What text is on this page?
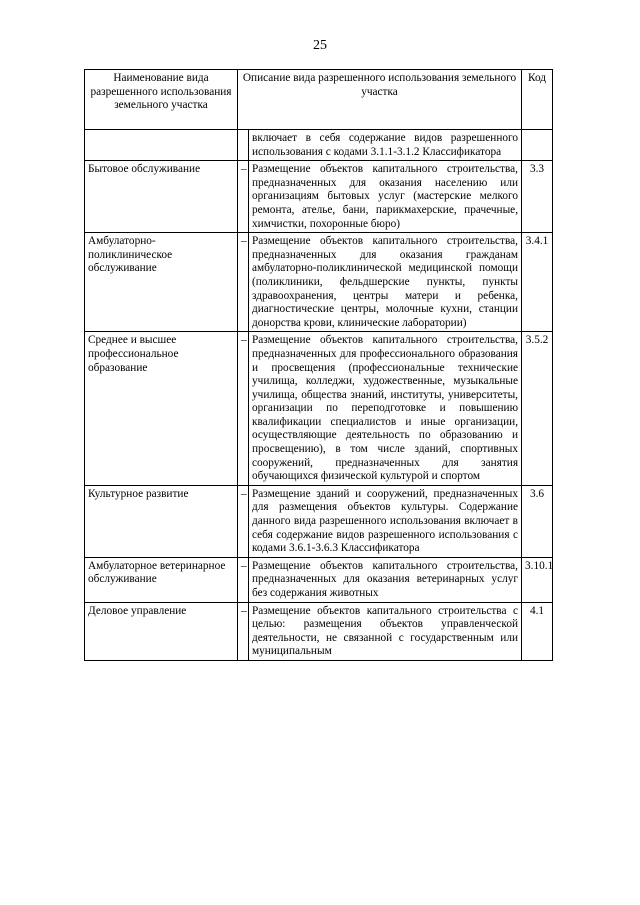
25
Наименование вида разрешенного использования земельного участка	Описание вида разрешенного использования земельного участка		Код
		включает в себя содержание видов разрешенного использования с кодами 3.1.1-3.1.2 Классификатора	
Бытовое обслуживание	–	Размещение объектов капитального строительства, предназначенных для оказания населению или организациям бытовых услуг (мастерские мелкого ремонта, ателье, бани, парикмахерские, прачечные, химчистки, похоронные бюро)	3.3
Амбулаторно-поликлиническое обслуживание	–	Размещение объектов капитального строительства, предназначенных для оказания гражданам амбулаторно-поликлинической медицинской помощи (поликлиники, фельдшерские пункты, пункты здравоохранения, центры матери и ребенка, диагностические центры, молочные кухни, станции донорства крови, клинические лаборатории)	3.4.1
Среднее и высшее профессиональное образование	–	Размещение объектов капитального строительства, предназначенных для профессионального образования и просвещения (профессиональные технические училища, колледжи, художественные, музыкальные училища, общества знаний, институты, университеты, организации по переподготовке и повышению квалификации специалистов и иные организации, осуществляющие деятельность по образованию и просвещению), в том числе зданий, спортивных сооружений, предназначенных для занятия обучающихся физической культурой и спортом	3.5.2
Культурное развитие	–	Размещение зданий и сооружений, предназначенных для размещения объектов культуры. Содержание данного вида разрешенного использования включает в себя содержание видов разрешенного использования с кодами 3.6.1-3.6.3 Классификатора	3.6
Амбулаторное ветеринарное обслуживание	–	Размещение объектов капитального строительства, предназначенных для оказания ветеринарных услуг без содержания животных	3.10.1
Деловое управление	–	Размещение объектов капитального строительства с целью: размещения объектов управленческой деятельности, не связанной с государственным или муниципальным	4.1
